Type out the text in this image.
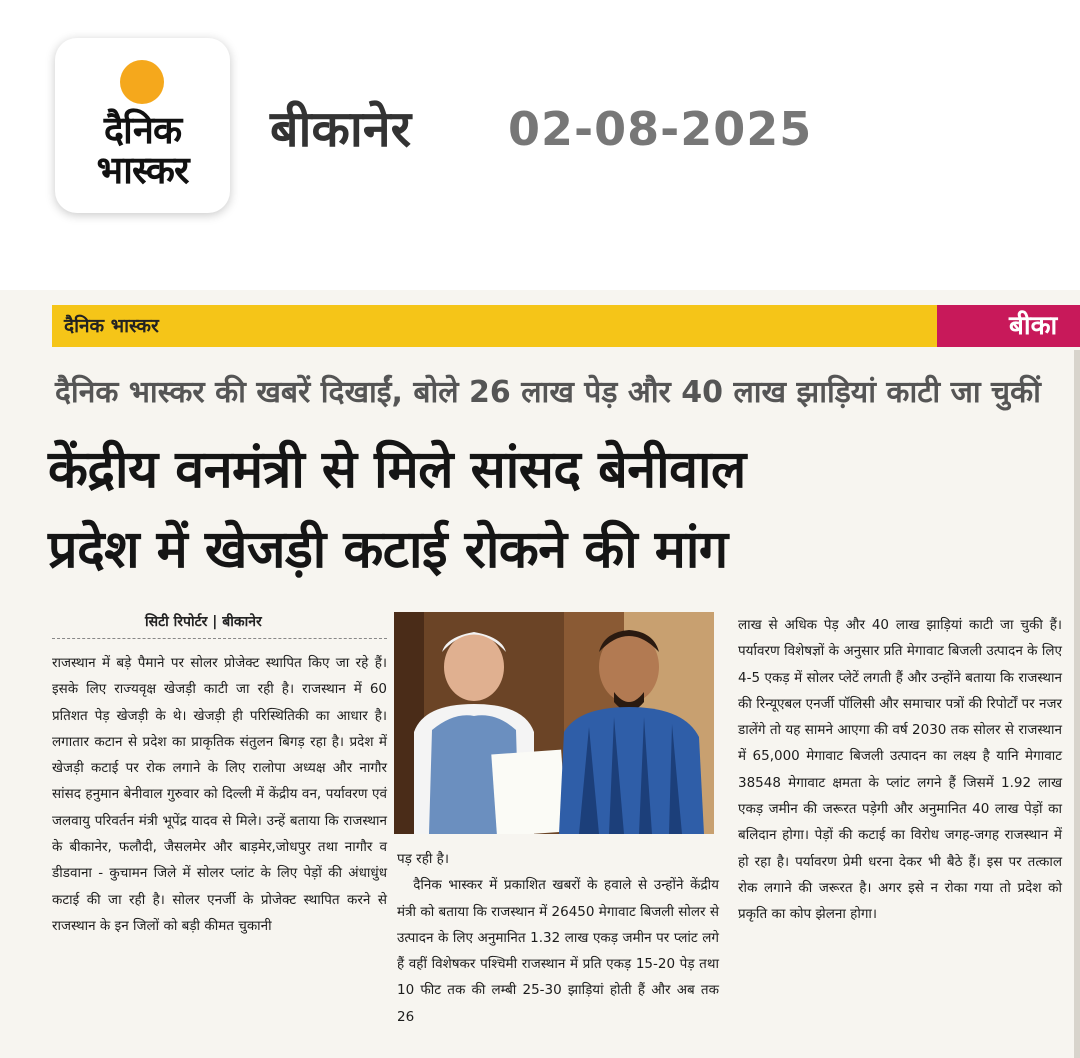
दैनिक
भास्कर
बीकानेर 02-08-2025
दैनिक भास्कर	बीका
दैनिक भास्कर की खबरें दिखाईं, बोले 26 लाख पेड़ और 40 लाख झाड़ियां काटी जा चुकीं
केंद्रीय वनमंत्री से मिले सांसद बेनीवाल
प्रदेश में खेजड़ी कटाई रोकने की मांग
सिटी रिपोर्टर | बीकानेर

राजस्थान में बड़े पैमाने पर सोलर प्रोजेक्ट स्थापित किए जा रहे हैं। इसके लिए राज्यवृक्ष खेजड़ी काटी जा रही है। राजस्थान में 60 प्रतिशत पेड़ खेजड़ी के थे। खेजड़ी ही परिस्थितिकी का आधार है। लगातार कटान से प्रदेश का प्राकृतिक संतुलन बिगड़ रहा है। प्रदेश में खेजड़ी कटाई पर रोक लगाने के लिए रालोपा अध्यक्ष और नागौर सांसद हनुमान बेनीवाल गुरुवार को दिल्ली में केंद्रीय वन, पर्यावरण एवं जलवायु परिवर्तन मंत्री भूपेंद्र यादव से मिले। उन्हें बताया कि राजस्थान के बीकानेर, फलौदी, जैसलमेर और बाड़मेर,जोधपुर तथा नागौर व डीडवाना - कुचामन जिले में सोलर प्लांट के लिए पेड़ों की अंधाधुंध कटाई की जा रही है। सोलर एनर्जी के प्रोजेक्ट स्थापित करने से राजस्थान के इन जिलों को बड़ी कीमत चुकानी

पड़ रही है।

दैनिक भास्कर में प्रकाशित खबरों के हवाले से उन्होंने केंद्रीय मंत्री को बताया कि राजस्थान में 26450 मेगावाट बिजली सोलर से उत्पादन के लिए अनुमानित 1.32 लाख एकड़ जमीन पर प्लांट लगे हैं वहीं विशेषकर पश्चिमी राजस्थान में प्रति एकड़ 15-20 पेड़ तथा 10 फीट तक की लम्बी 25-30 झाड़ियां होती हैं और अब तक 26

लाख से अधिक पेड़ और 40 लाख झाड़ियां काटी जा चुकी हैं। पर्यावरण विशेषज्ञों के अनुसार प्रति मेगावाट बिजली उत्पादन के लिए 4-5 एकड़ में सोलर प्लेटें लगती हैं और उन्होंने बताया कि राजस्थान की रिन्यूएबल एनर्जी पॉलिसी और समाचार पत्रों की रिपोर्टों पर नजर डालेंगे तो यह सामने आएगा की वर्ष 2030 तक सोलर से राजस्थान में 65,000 मेगावाट बिजली उत्पादन का लक्ष्य है यानि मेगावाट 38548 मेगावाट क्षमता के प्लांट लगने हैं जिसमें 1.92 लाख एकड़ जमीन की जरूरत पड़ेगी और अनुमानित 40 लाख पेड़ों का बलिदान होगा। पेड़ों की कटाई का विरोध जगह-जगह राजस्थान में हो रहा है। पर्यावरण प्रेमी धरना देकर भी बैठे हैं। इस पर तत्काल रोक लगाने की जरूरत है। अगर इसे न रोका गया तो प्रदेश को प्रकृति का कोप झेलना होगा।
